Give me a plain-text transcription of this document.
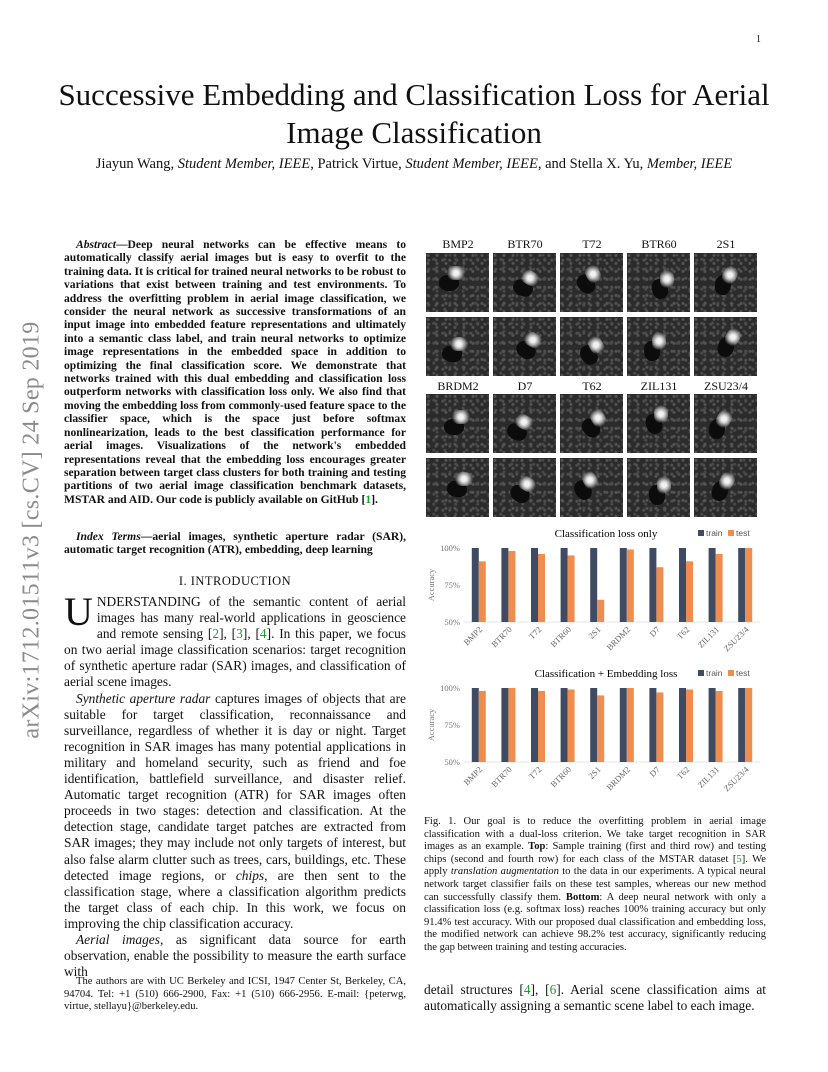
1
Successive Embedding and Classification Loss for Aerial Image Classification
Jiayun Wang, Student Member, IEEE, Patrick Virtue, Student Member, IEEE, and Stella X. Yu, Member, IEEE
arXiv:1712.01511v3 [cs.CV] 24 Sep 2019
Abstract—Deep neural networks can be effective means to automatically classify aerial images but is easy to overfit to the training data. It is critical for trained neural networks to be robust to variations that exist between training and test environments. To address the overfitting problem in aerial image classification, we consider the neural network as successive transformations of an input image into embedded feature representations and ultimately into a semantic class label, and train neural networks to optimize image representations in the embedded space in addition to optimizing the final classification score. We demonstrate that networks trained with this dual embedding and classification loss outperform networks with classification loss only. We also find that moving the embedding loss from commonly-used feature space to the classifier space, which is the space just before softmax nonlinearization, leads to the best classification performance for aerial images. Visualizations of the network's embedded representations reveal that the embedding loss encourages greater separation between target class clusters for both training and testing partitions of two aerial image classification benchmark datasets, MSTAR and AID. Our code is publicly available on GitHub [1].
Index Terms—aerial images, synthetic aperture radar (SAR), automatic target recognition (ATR), embedding, deep learning
I. INTRODUCTION

UNDERSTANDING of the semantic content of aerial images has many real-world applications in geoscience and remote sensing [2], [3], [4]. In this paper, we focus on two aerial image classification scenarios: target recognition of synthetic aperture radar (SAR) images, and classification of aerial scene images.

Synthetic aperture radar captures images of objects that are suitable for target classification, reconnaissance and surveillance, regardless of whether it is day or night. Target recognition in SAR images has many potential applications in military and homeland security, such as friend and foe identification, battlefield surveillance, and disaster relief. Automatic target recognition (ATR) for SAR images often proceeds in two stages: detection and classification. At the detection stage, candidate target patches are extracted from SAR images; they may include not only targets of interest, but also false alarm clutter such as trees, cars, buildings, etc. These detected image regions, or chips, are then sent to the classification stage, where a classification algorithm predicts the target class of each chip. In this work, we focus on improving the chip classification accuracy.

Aerial images, as significant data source for earth observation, enable the possibility to measure the earth surface with

The authors are with UC Berkeley and ICSI, 1947 Center St, Berkeley, CA, 94704. Tel: +1 (510) 666-2900, Fax: +1 (510) 666-2956. E-mail: {peterwg, virtue, stellayu}@berkeley.edu.
BMP2	BTR70	T72	BTR60	2S1
BRDM2	D7	T62	ZIL131	ZSU23/4
Classification loss only	train test
100%
75%
50%
Accuracy
BMP2 BTR70 T72 BTR60 2S1 BRDM2 D7 T62 ZIL131 ZSU23/4
Classification + Embedding loss	train test
100%
75%
50%
Accuracy
BMP2 BTR70 T72 BTR60 2S1 BRDM2 D7 T62 ZIL131 ZSU23/4
Fig. 1. Our goal is to reduce the overfitting problem in aerial image classification with a dual-loss criterion. We take target recognition in SAR images as an example. Top: Sample training (first and third row) and testing chips (second and fourth row) for each class of the MSTAR dataset [5]. We apply translation augmentation to the data in our experiments. A typical neural network target classifier fails on these test samples, whereas our new method can successfully classify them. Bottom: A deep neural network with only a classification loss (e.g. softmax loss) reaches 100% training accuracy but only 91.4% test accuracy. With our proposed dual classification and embedding loss, the modified network can achieve 98.2% test accuracy, significantly reducing the gap between training and testing accuracies.
detail structures [4], [6]. Aerial scene classification aims at automatically assigning a semantic scene label to each image.
